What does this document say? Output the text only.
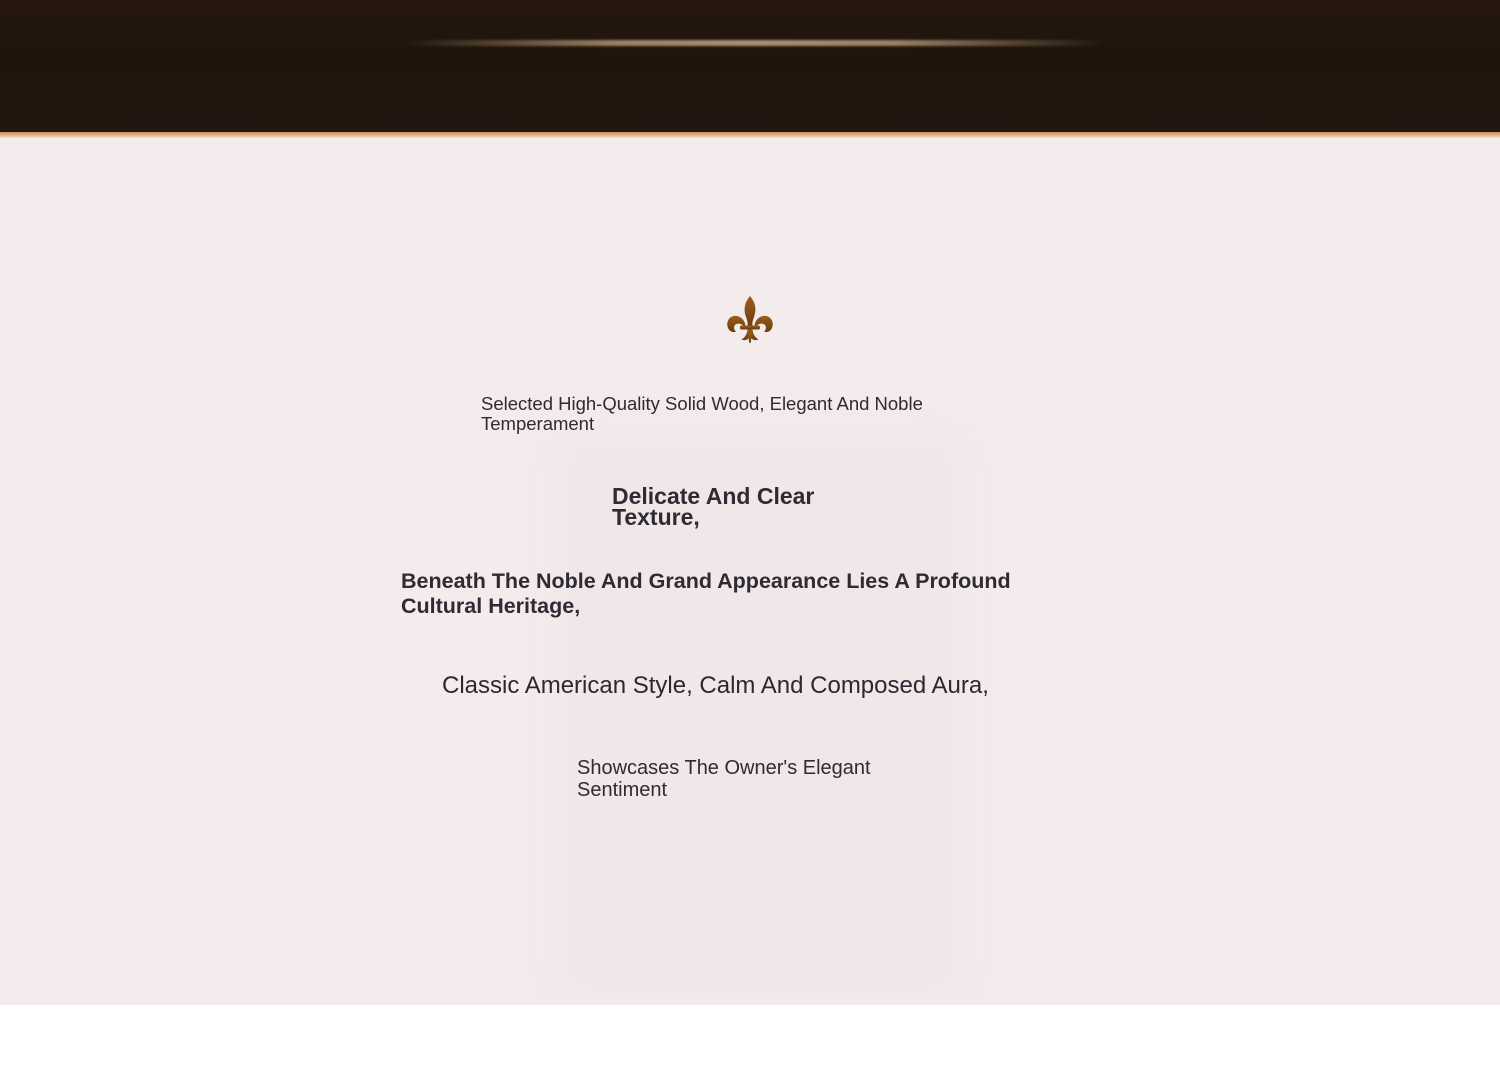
Selected High-Quality Solid Wood, Elegant And Noble Temperament

Delicate And Clear Texture,

Beneath The Noble And Grand Appearance Lies A Profound Cultural Heritage,

Classic American Style, Calm And Composed Aura,

Showcases The Owner's Elegant Sentiment
